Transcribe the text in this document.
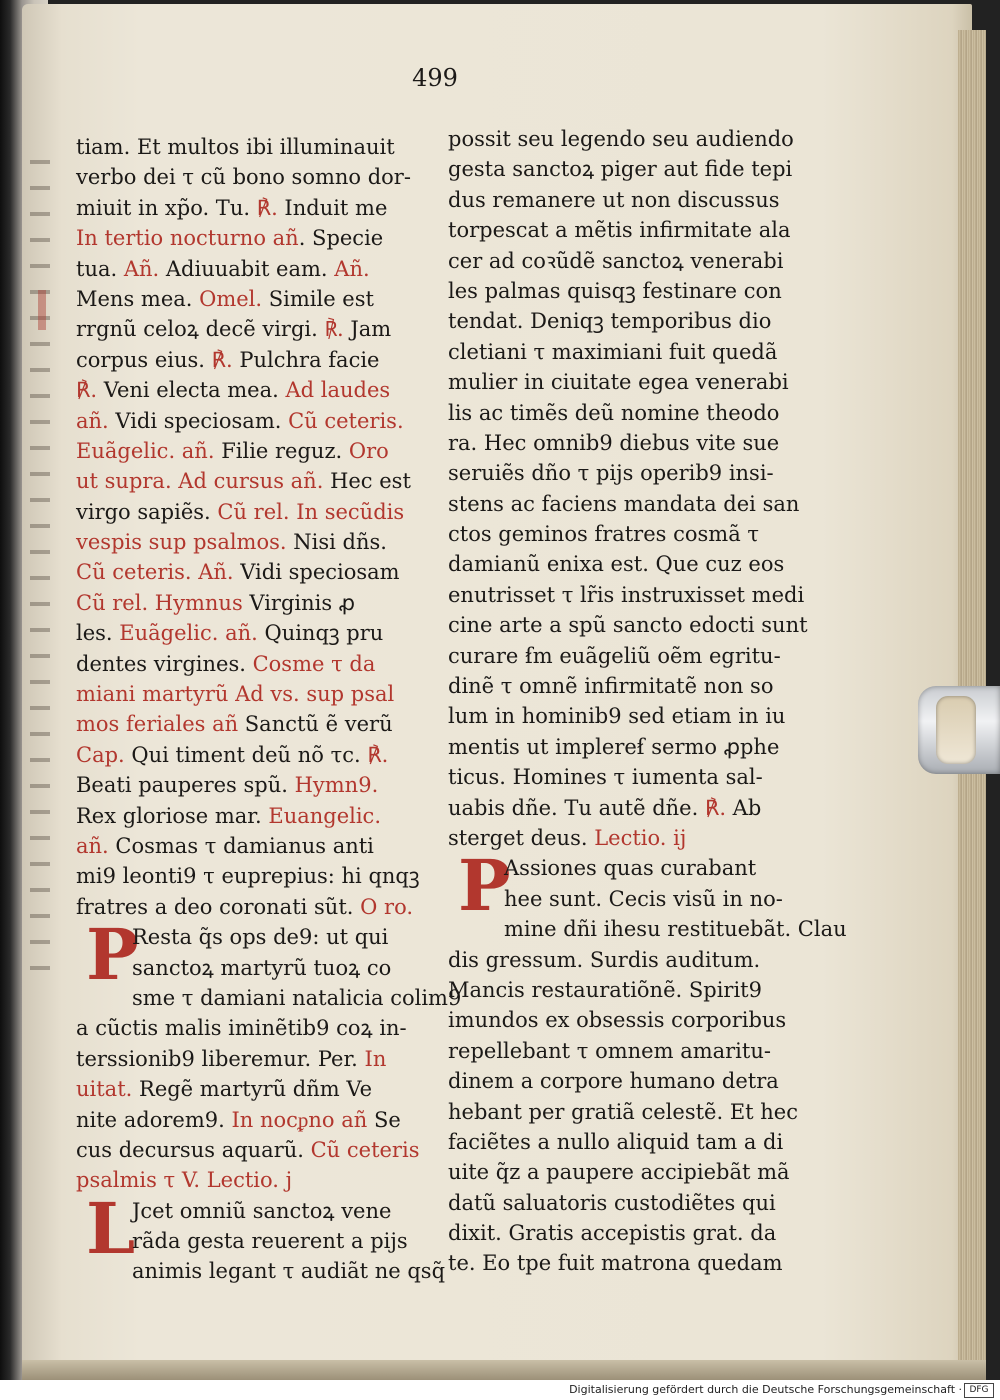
499
tiam. Et multos ibi illuminauit
verbo dei τ cũ bono somno dor-
miuit in xp̃o. Tu. ℟. Induit me
In tertio nocturno añ. Specie
tua. Añ. Adiuuabit eam. Añ.
Mens mea. Omel. Simile est
rrgnũ celoꝝ decẽ virgi. ℟. Jam
corpus eius. ℟. Pulchra facie
℟. Veni electa mea. Ad laudes
añ. Vidi speciosam. Cũ ceteris.
Euãgelic. añ. Filie reguz. Oro
ut supra. Ad cursus añ. Hec est
virgo sapiẽs. Cũ rel. In secũdis
vespis sup psalmos. Nisi dñs.
Cũ ceteris. Añ. Vidi speciosam
Cũ rel. Hymnus Virginis ꝓ
les. Euãgelic. añ. Quinqꝫ pru
dentes virgines. Cosme τ da
miani martyrũ Ad vs. sup psal
mos feriales añ Sanctũ ẽ verũ
Cap. Qui timent deũ nõ τc. ℟.
Beati pauperes spũ. Hymn9.
Rex gloriose mar. Euangelic.
añ. Cosmas τ damianus anti
mi9 leonti9 τ euprepius: hi qnqꝫ
fratres a deo coronati sũt. O ro.
P
Resta q̃s ops de9: ut qui
sanctoꝝ martyrũ tuoꝝ co
sme τ damiani natalicia colim9
a cũctis malis iminẽtib9 coꝝ in-
terssionib9 liberemur. Per. In
uitat. Regẽ martyrũ dñm Ve
nite adorem9. In nocᵱno añ Se
cus decursus aquarũ. Cũ ceteris
psalmis τ V. Lectio. j
L
Jcet omniũ sanctoꝝ vene
rãda gesta reuerent a pijs
animis legant τ audiãt ne qsq̃
possit seu legendo seu audiendo
gesta sanctoꝝ piger aut fide tepi
dus remanere ut non discussus
torpescat a mẽtis infirmitate ala
cer ad coꝛũdẽ sanctoꝝ venerabi
les palmas quisqꝫ festinare con
tendat. Deniqꝫ temporibus dio
cletiani τ maximiani fuit quedã
mulier in ciuitate egea venerabi
lis ac timẽs deũ nomine theodo
ra. Hec omnib9 diebus vite sue
seruiẽs dño τ pijs operib9 insi-
stens ac faciens mandata dei san
ctos geminos fratres cosmã τ
damianũ enixa est. Que cuz eos
enutrisset τ lr̃is instruxisset medi
cine arte a spũ sancto edocti sunt
curare ẜm euãgeliũ oẽm egritu-
dinẽ τ omnẽ infirmitatẽ non so
lum in hominib9 sed etiam in iu
mentis ut implereẜ sermo ꝓphe
ticus. Homines τ iumenta sal-
uabis dñe. Tu autẽ dñe. ℟. Ab
sterget deus. Lectio. ij
P
Assiones quas curabant
hee sunt. Cecis visũ in no-
mine dñi ihesu restituebãt. Clau
dis gressum. Surdis auditum.
Mancis restauratiõnẽ. Spirit9
imundos ex obsessis corporibus
repellebant τ omnem amaritu-
dinem a corpore humano detra
hebant per gratiã celestẽ. Et hec
faciẽtes a nullo aliquid tam a di
uite q̃z a paupere accipiebãt mã
datũ saluatoris custodiẽtes qui
dixit. Gratis accepistis grat. da
te. Eo tpe fuit matrona quedam
Digitalisierung gefördert durch die Deutsche Forschungsgemeinschaft · DFG
